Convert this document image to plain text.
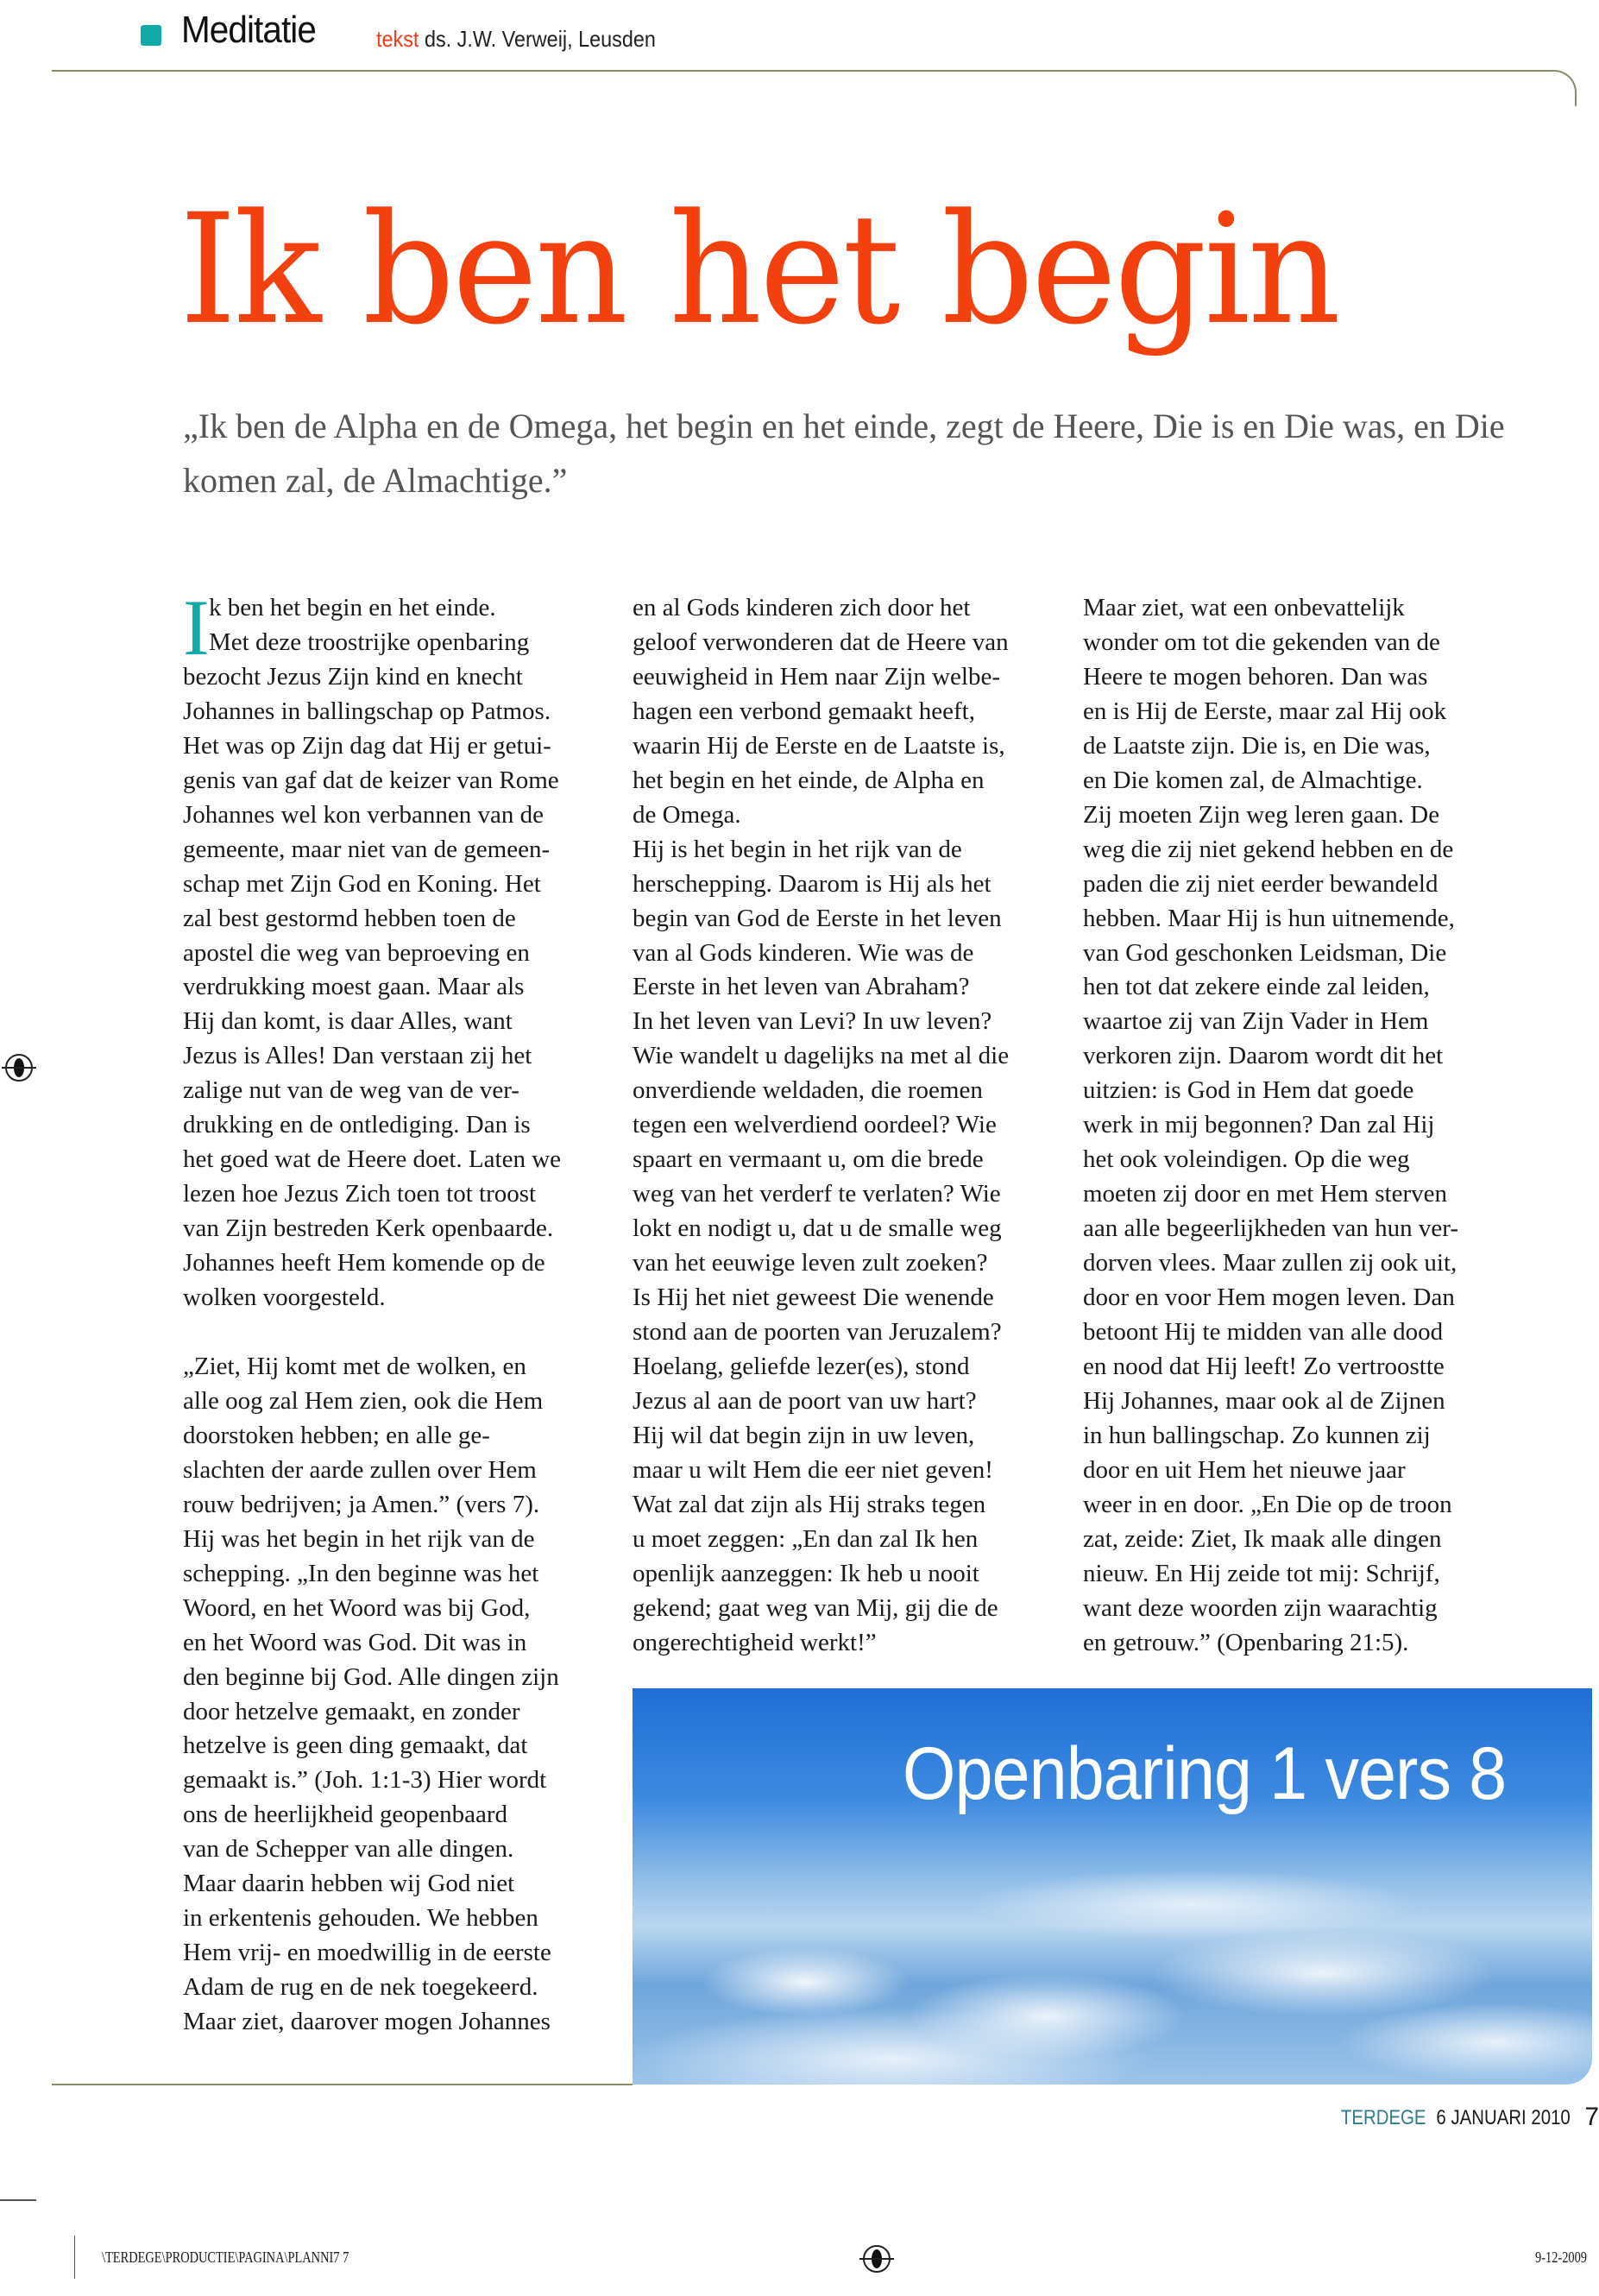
Meditatie	tekst ds. J.W. Verweij, Leusden
Ik ben het begin
„Ik ben de Alpha en de Omega, het begin en het einde, zegt de Heere, Die is en Die was, en Die komen zal, de Almachtige.”
I k ben het begin en het einde.
Met deze troostrijke openbaring
bezocht Jezus Zijn kind en knecht
Johannes in ballingschap op Patmos.
Het was op Zijn dag dat Hij er getui-
genis van gaf dat de keizer van Rome
Johannes wel kon verbannen van de
gemeente, maar niet van de gemeen-
schap met Zijn God en Koning. Het
zal best gestormd hebben toen de
apostel die weg van beproeving en
verdrukking moest gaan. Maar als
Hij dan komt, is daar Alles, want
Jezus is Alles! Dan verstaan zij het
zalige nut van de weg van de ver-
drukking en de ontlediging. Dan is
het goed wat de Heere doet. Laten we
lezen hoe Jezus Zich toen tot troost
van Zijn bestreden Kerk openbaarde.
Johannes heeft Hem komende op de
wolken voorgesteld.
„Ziet, Hij komt met de wolken, en
alle oog zal Hem zien, ook die Hem
doorstoken hebben; en alle ge-
slachten der aarde zullen over Hem
rouw bedrijven; ja Amen.” (vers 7).
Hij was het begin in het rijk van de
schepping. „In den beginne was het
Woord, en het Woord was bij God,
en het Woord was God. Dit was in
den beginne bij God. Alle dingen zijn
door hetzelve gemaakt, en zonder
hetzelve is geen ding gemaakt, dat
gemaakt is.” (Joh. 1:1-3) Hier wordt
ons de heerlijkheid geopenbaard
van de Schepper van alle dingen.
Maar daarin hebben wij God niet
in erkentenis gehouden. We hebben
Hem vrij- en moedwillig in de eerste
Adam de rug en de nek toegekeerd.
Maar ziet, daarover mogen Johannes
en al Gods kinderen zich door het
geloof verwonderen dat de Heere van
eeuwigheid in Hem naar Zijn welbe-
hagen een verbond gemaakt heeft,
waarin Hij de Eerste en de Laatste is,
het begin en het einde, de Alpha en
de Omega.
Hij is het begin in het rijk van de
herschepping. Daarom is Hij als het
begin van God de Eerste in het leven
van al Gods kinderen. Wie was de
Eerste in het leven van Abraham?
In het leven van Levi? In uw leven?
Wie wandelt u dagelijks na met al die
onverdiende weldaden, die roemen
tegen een welverdiend oordeel? Wie
spaart en vermaant u, om die brede
weg van het verderf te verlaten? Wie
lokt en nodigt u, dat u de smalle weg
van het eeuwige leven zult zoeken?
Is Hij het niet geweest Die wenende
stond aan de poorten van Jeruzalem?
Hoelang, geliefde lezer(es), stond
Jezus al aan de poort van uw hart?
Hij wil dat begin zijn in uw leven,
maar u wilt Hem die eer niet geven!
Wat zal dat zijn als Hij straks tegen
u moet zeggen: „En dan zal Ik hen
openlijk aanzeggen: Ik heb u nooit
gekend; gaat weg van Mij, gij die de
ongerechtigheid werkt!”
Maar ziet, wat een onbevattelijk
wonder om tot die gekenden van de
Heere te mogen behoren. Dan was
en is Hij de Eerste, maar zal Hij ook
de Laatste zijn. Die is, en Die was,
en Die komen zal, de Almachtige.
Zij moeten Zijn weg leren gaan. De
weg die zij niet gekend hebben en de
paden die zij niet eerder bewandeld
hebben. Maar Hij is hun uitnemende,
van God geschonken Leidsman, Die
hen tot dat zekere einde zal leiden,
waartoe zij van Zijn Vader in Hem
verkoren zijn. Daarom wordt dit het
uitzien: is God in Hem dat goede
werk in mij begonnen? Dan zal Hij
het ook voleindigen. Op die weg
moeten zij door en met Hem sterven
aan alle begeerlijkheden van hun ver-
dorven vlees. Maar zullen zij ook uit,
door en voor Hem mogen leven. Dan
betoont Hij te midden van alle dood
en nood dat Hij leeft! Zo vertroostte
Hij Johannes, maar ook al de Zijnen
in hun ballingschap. Zo kunnen zij
door en uit Hem het nieuwe jaar
weer in en door. „En Die op de troon
zat, zeide: Ziet, Ik maak alle dingen
nieuw. En Hij zeide tot mij: Schrijf,
want deze woorden zijn waarachtig
en getrouw.” (Openbaring 21:5).
Openbaring 1 vers 8
TERDEGE 6 JANUARI 2010 7
\TERDEGE\PRODUCTIE\PAGINA\PLANNI7 7	9-12-2009
